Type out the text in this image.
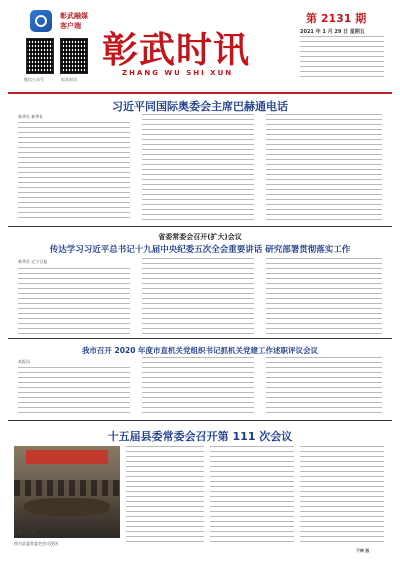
彰武融媒
客户端
微信公众号	彰武时讯
彰武时讯
ZHANG WU SHI XUN
第 2131 期
2021 年 1 月 29 日 星期五
习近平同国际奥委会主席巴赫通电话
新华社 新华社
省委常委会召开(扩大)会议
传达学习习近平总书记十九届中央纪委五次全会重要讲话 研究部署贯彻落实工作
新华社 辽宁日报
我市召开 2020 年度市直机关党组织书记抓机关党建工作述职评议会议
本报讯
十五届县委常委会召开第 111 次会议
图为县委常委会会议现场
记者 于一鸣
下转 版
